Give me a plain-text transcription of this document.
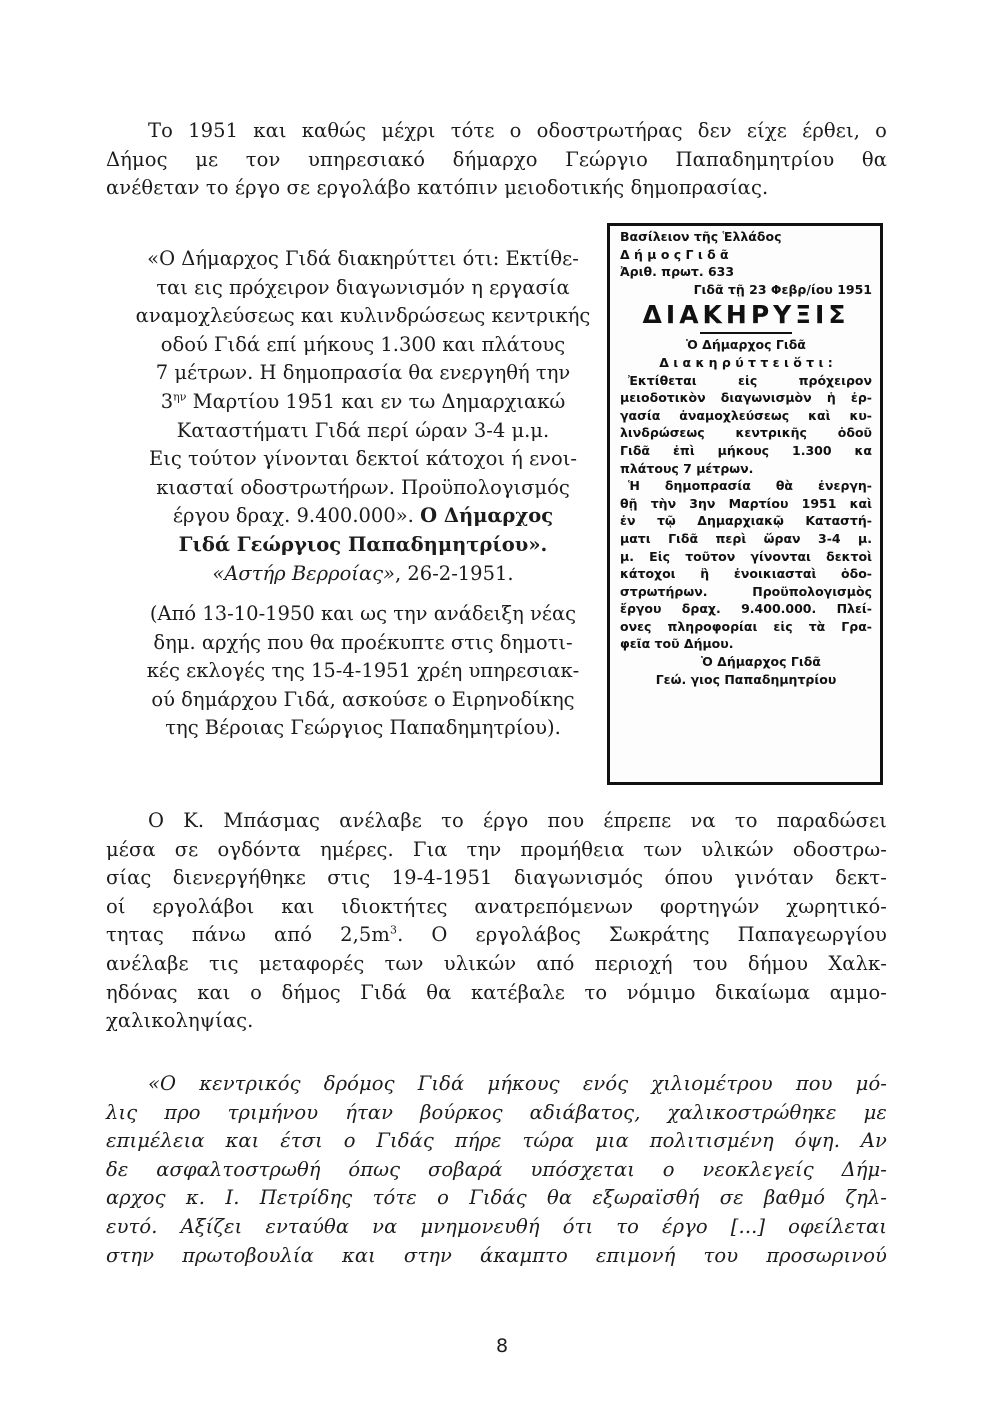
Το 1951 και καθώς μέχρι τότε ο οδοστρωτήρας δεν είχε έρθει, ο
Δήμος με τον υπηρεσιακό δήμαρχο Γεώργιο Παπαδημητρίου θα
ανέθεταν το έργο σε εργολάβο κατόπιν μειοδοτικής δημοπρασίας.
«Ο Δήμαρχος Γιδά διακηρύττει ότι: Εκτίθε-
ται εις πρόχειρον διαγωνισμόν η εργασία
αναμοχλεύσεως και κυλινδρώσεως κεντρικής
οδού Γιδά επί μήκους 1.300 και πλάτους
7 μέτρων. Η δημοπρασία θα ενεργηθή την
$3^{\eta\nu}$ Μαρτίου 1951 και εν τω Δημαρχιακώ
Καταστήματι Γιδά περί ώραν 3-4 μ.μ.
Εις τούτον γίνονται δεκτοί κάτοχοι ή ενοι-
κιασταί οδοστρωτήρων. Προϋπολογισμός
έργου δραχ. 9.400.000». Ο Δήμαρχος
Γιδά Γεώργιος Παπαδημητρίου».
«Αστήρ Βερροίας», 26-2-1951.
(Από 13-10-1950 και ως την ανάδειξη νέας
δημ. αρχής που θα προέκυπτε στις δημοτι-
κές εκλογές της 15-4-1951 χρέη υπηρεσιακ-
ού δημάρχου Γιδά, ασκούσε ο Ειρηνοδίκης
της Βέροιας Γεώργιος Παπαδημητρίου).
Βασίλειον τῆς Ἑλλάδος
Δ ή μ ο ς Γ ι δ ᾶ
Ἀριθ. πρωτ. 633
Γιδᾶ τῇ 23 Φεβρ/ίου 1951
ΔΙΑΚΗΡΥΞΙΣ
Ὁ Δήμαρχος Γιδᾶ
Δ ι α κ η ρ ύ τ τ ε ι ὅ τ ι :
Ἐκτίθεται εἰς πρόχειρον
μειοδοτικὸν διαγωνισμὸν ἡ ἐρ-
γασία ἀναμοχλεύσεως καὶ κυ-
λινδρώσεως κεντρικῆς ὁδοῦ
Γιδᾶ ἐπὶ μήκους 1.300 κα
πλάτους 7 μέτρων.
Ἡ δημοπρασία θὰ ἐνεργη-
θῇ τὴν 3ην Μαρτίου 1951 καὶ
ἐν τῷ Δημαρχιακῷ Καταστή-
ματι Γιδᾶ περὶ ὥραν 3-4 μ.
μ. Εἰς τοῦτον γίνονται δεκτοὶ
κάτοχοι ἢ ἐνοικιασταὶ ὁδο-
στρωτήρων. Προϋπολογισμὸς
ἔργου δραχ. 9.400.000. Πλεί-
ονες πληροφορίαι εἰς τὰ Γρα-
φεῖα τοῦ Δήμου.
Ὁ Δήμαρχος Γιδᾶ
Γεώ. γιος Παπαδημητρίου
Ο Κ. Μπάσμας ανέλαβε το έργο που έπρεπε να το παραδώσει
μέσα σε ογδόντα ημέρες. Για την προμήθεια των υλικών οδοστρω-
σίας διενεργήθηκε στις 19-4-1951 διαγωνισμός όπου γινόταν δεκτ-
οί εργολάβοι και ιδιοκτήτες ανατρεπόμενων φορτηγών χωρητικό-
τητας πάνω από $2,5m^3$. Ο εργολάβος Σωκράτης Παπαγεωργίου
ανέλαβε τις μεταφορές των υλικών από περιοχή του δήμου Χαλκ-
ηδόνας και ο δήμος Γιδά θα κατέβαλε το νόμιμο δικαίωμα αμμο-
χαλικοληψίας.
«Ο κεντρικός δρόμος Γιδά μήκους ενός χιλιομέτρου που μό-
λις προ τριμήνου ήταν βούρκος αδιάβατος, χαλικοστρώθηκε με
επιμέλεια και έτσι ο Γιδάς πήρε τώρα μια πολιτισμένη όψη. Αν
δε ασφαλτοστρωθή όπως σοβαρά υπόσχεται ο νεοκλεγείς Δήμ-
αρχος κ. Ι. Πετρίδης τότε ο Γιδάς θα εξωραϊσθή σε βαθμό ζηλ-
ευτό. Αξίζει ενταύθα να μνημονευθή ότι το έργο [...] οφείλεται
στην πρωτοβουλία και στην άκαμπτο επιμονή του προσωρινού
8
